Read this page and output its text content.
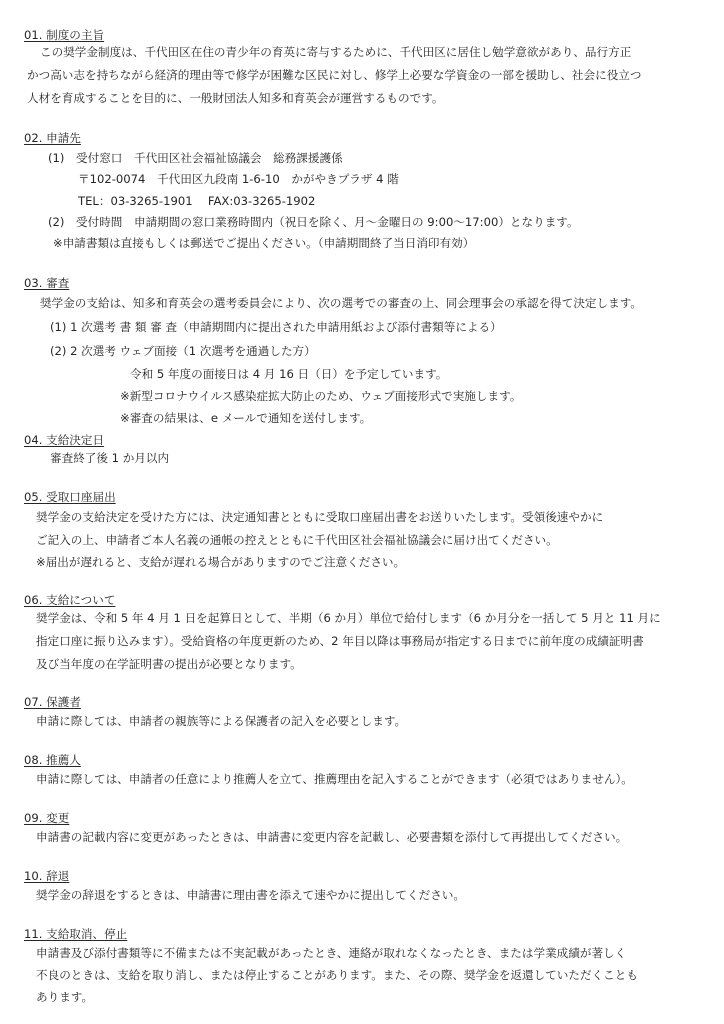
01. 制度の主旨
この奨学金制度は、千代田区在住の青少年の育英に寄与するために、千代田区に居住し勉学意欲があり、品行方正
かつ高い志を持ちながら経済的理由等で修学が困難な区民に対し、修学上必要な学資金の一部を援助し、社会に役立つ
人材を育成することを目的に、一般財団法人知多和育英会が運営するものです。
02. 申請先
(1)　受付窓口　千代田区社会福祉協議会　総務課援護係
〒102-0074　千代田区九段南 1-6-10　かがやきプラザ 4 階
TEL：03-3265-1901　 FAX:03-3265-1902
(2)　受付時間　申請期間の窓口業務時間内（祝日を除く、月～金曜日の 9:00～17:00）となります。
※申請書類は直接もしくは郵送でご提出ください。（申請期間終了当日消印有効）
03. 審査
奨学金の支給は、知多和育英会の選考委員会により、次の選考での審査の上、同会理事会の承認を得て決定します。
(1) 1 次選考 書 類 審 査（申請期間内に提出された申請用紙および添付書類等による）
(2) 2 次選考 ウェブ面接（1 次選考を通過した方）
令和 5 年度の面接日は 4 月 16 日（日）を予定しています。
※新型コロナウイルス感染症拡大防止のため、ウェブ面接形式で実施します。
※審査の結果は、e メールで通知を送付します。
04. 支給決定日
審査終了後 1 か月以内
05. 受取口座届出
奨学金の支給決定を受けた方には、決定通知書とともに受取口座届出書をお送りいたします。受領後速やかに
ご記入の上、申請者ご本人名義の通帳の控えとともに千代田区社会福祉協議会に届け出てください。
※届出が遅れると、支給が遅れる場合がありますのでご注意ください。
06. 支給について
奨学金は、令和 5 年 4 月 1 日を起算日として、半期（6 か月）単位で給付します（6 か月分を一括して 5 月と 11 月に
指定口座に振り込みます）。受給資格の年度更新のため、2 年目以降は事務局が指定する日までに前年度の成績証明書
及び当年度の在学証明書の提出が必要となります。
07. 保護者
申請に際しては、申請者の親族等による保護者の記入を必要とします。
08. 推薦人
申請に際しては、申請者の任意により推薦人を立て、推薦理由を記入することができます（必須ではありません）。
09. 変更
申請書の記載内容に変更があったときは、申請書に変更内容を記載し、必要書類を添付して再提出してください。
10. 辞退
奨学金の辞退をするときは、申請書に理由書を添えて速やかに提出してください。
11. 支給取消、停止
申請書及び添付書類等に不備または不実記載があったとき、連絡が取れなくなったとき、または学業成績が著しく
不良のときは、支給を取り消し、または停止することがあります。また、その際、奨学金を返還していただくことも
あります。
